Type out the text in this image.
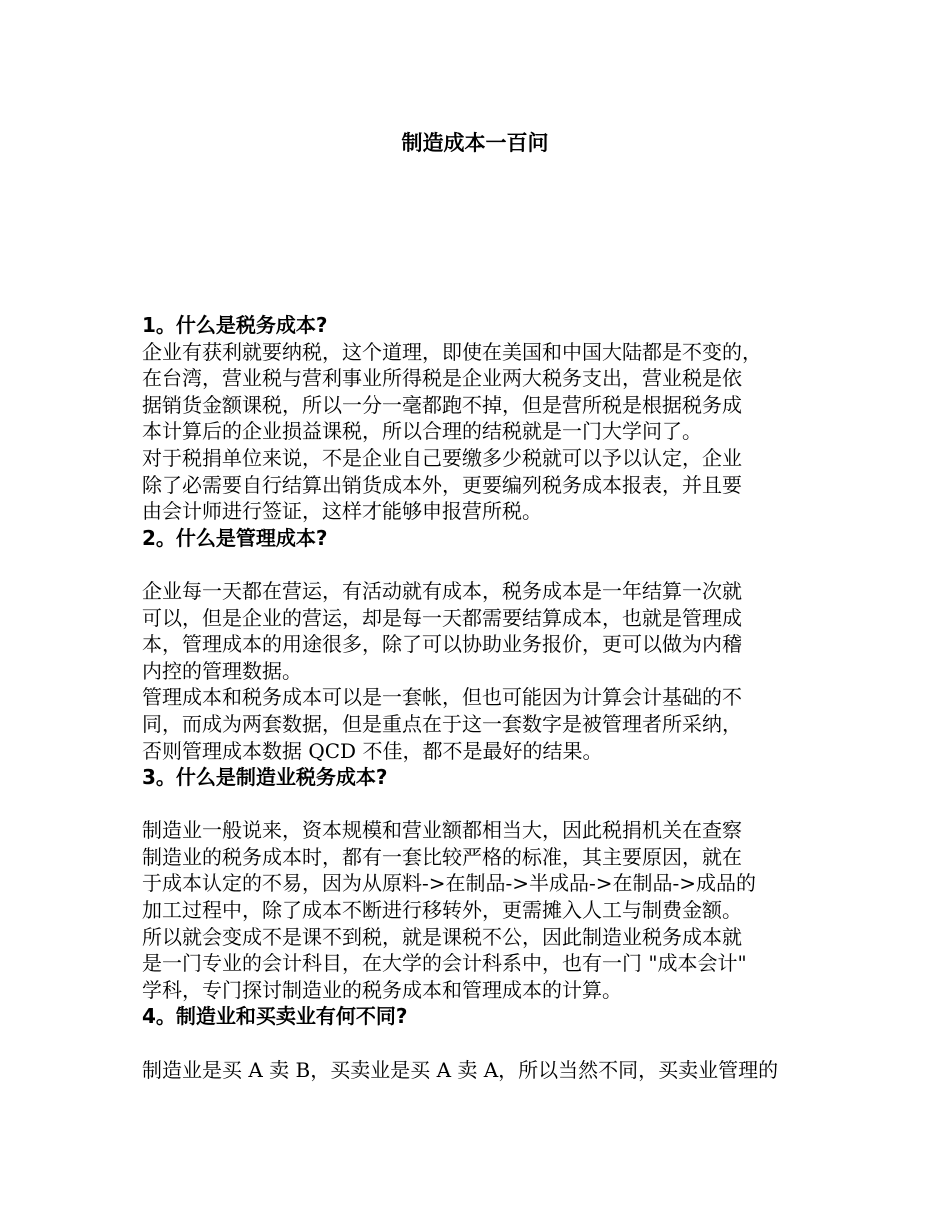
制造成本一百问
1。什么是税务成本?
企业有获利就要纳税，这个道理，即使在美国和中国大陆都是不变的，
在台湾，营业税与营利事业所得税是企业两大税务支出，营业税是依
据销货金额课税，所以一分一毫都跑不掉，但是营所税是根据税务成
本计算后的企业损益课税，所以合理的结税就是一门大学问了。
对于税捐单位来说，不是企业自己要缴多少税就可以予以认定，企业
除了必需要自行结算出销货成本外，更要编列税务成本报表，并且要
由会计师进行签证，这样才能够申报营所税。
2。什么是管理成本?
企业每一天都在营运，有活动就有成本，税务成本是一年结算一次就
可以，但是企业的营运，却是每一天都需要结算成本，也就是管理成
本，管理成本的用途很多，除了可以协助业务报价，更可以做为内稽
内控的管理数据。
管理成本和税务成本可以是一套帐，但也可能因为计算会计基础的不
同，而成为两套数据，但是重点在于这一套数字是被管理者所采纳，
否则管理成本数据 QCD 不佳，都不是最好的结果。
3。什么是制造业税务成本?
制造业一般说来，资本规模和营业额都相当大，因此税捐机关在查察
制造业的税务成本时，都有一套比较严格的标准，其主要原因，就在
于成本认定的不易，因为从原料->在制品->半成品->在制品->成品的
加工过程中，除了成本不断进行移转外，更需摊入人工与制费金额。
所以就会变成不是课不到税，就是课税不公，因此制造业税务成本就
是一门专业的会计科目，在大学的会计科系中，也有一门 "成本会计"
学科，专门探讨制造业的税务成本和管理成本的计算。
4。制造业和买卖业有何不同?
制造业是买 A 卖 B，买卖业是买 A 卖 A，所以当然不同，买卖业管理的
